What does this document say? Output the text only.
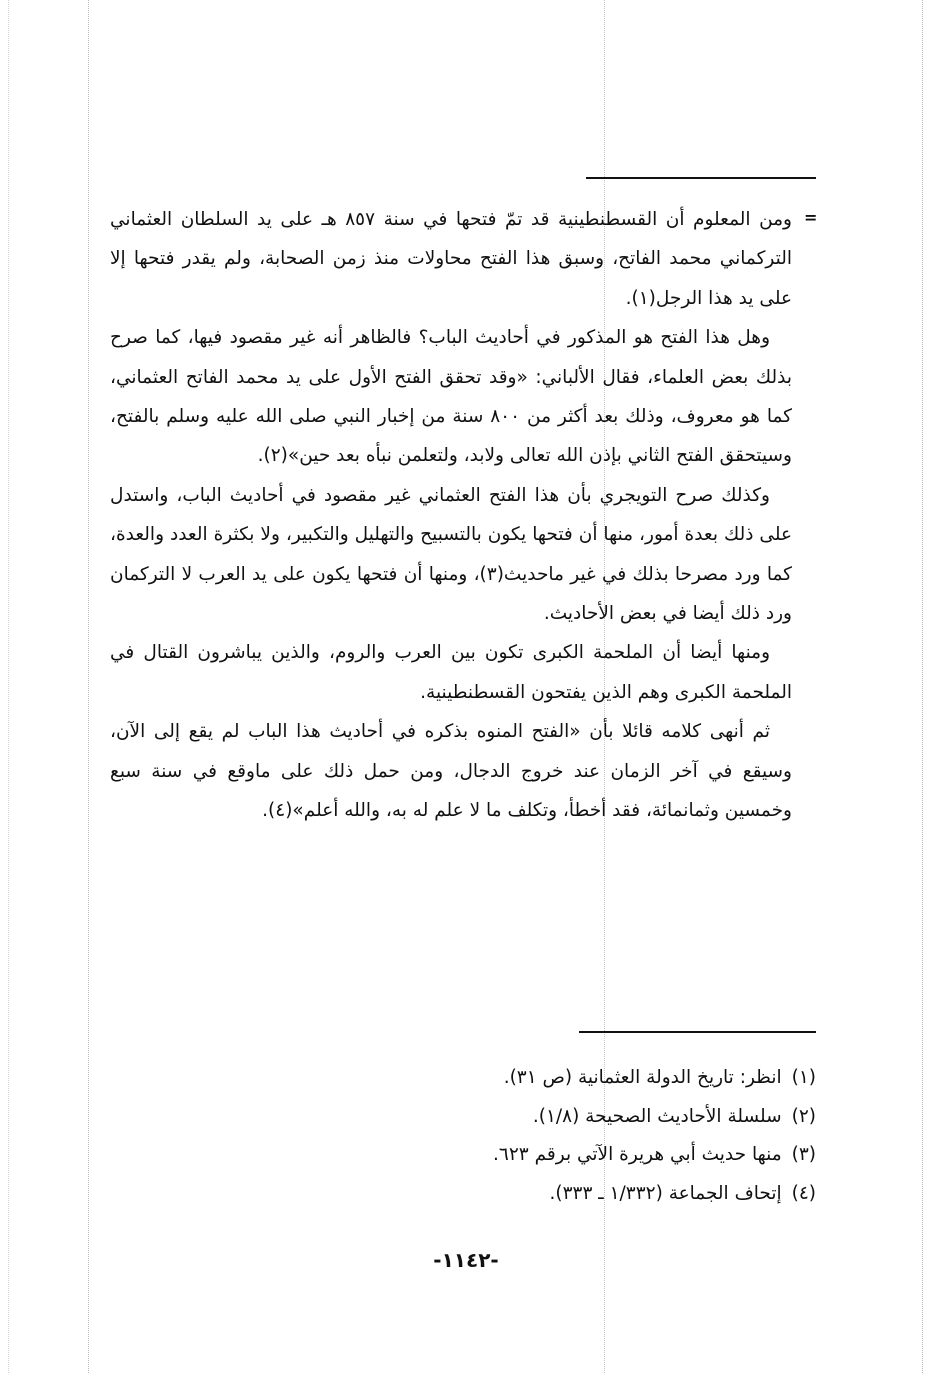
=

ومن المعلوم أن القسطنطينية قد تمّ فتحها في سنة ٨٥٧ هـ على يد السلطان العثماني التركماني محمد الفاتح، وسبق هذا الفتح محاولات منذ زمن الصحابة، ولم يقدر فتحها إلا على يد هذا الرجل(١).

وهل هذا الفتح هو المذكور في أحاديث الباب؟ فالظاهر أنه غير مقصود فيها، كما صرح بذلك بعض العلماء، فقال الألباني: «وقد تحقق الفتح الأول على يد محمد الفاتح العثماني، كما هو معروف، وذلك بعد أكثر من ٨٠٠ سنة من إخبار النبي صلى الله عليه وسلم بالفتح، وسيتحقق الفتح الثاني بإذن الله تعالى ولابد، ولتعلمن نبأه بعد حين»(٢).

وكذلك صرح التويجري بأن هذا الفتح العثماني غير مقصود في أحاديث الباب، واستدل على ذلك بعدة أمور، منها أن فتحها يكون بالتسبيح والتهليل والتكبير، ولا بكثرة العدد والعدة، كما ورد مصرحا بذلك في غير ماحديث(٣)، ومنها أن فتحها يكون على يد العرب لا التركمان ورد ذلك أيضا في بعض الأحاديث.

ومنها أيضا أن الملحمة الكبرى تكون بين العرب والروم، والذين يباشرون القتال في الملحمة الكبرى وهم الذين يفتحون القسطنطينية.

ثم أنهى كلامه قائلا بأن «الفتح المنوه بذكره في أحاديث هذا الباب لم يقع إلى الآن، وسيقع في آخر الزمان عند خروج الدجال، ومن حمل ذلك على ماوقع في سنة سبع وخمسين وثمانمائة، فقد أخطأ، وتكلف ما لا علم له به، والله أعلم»(٤).

(١)انظر: تاريخ الدولة العثمانية (ص ٣١).
(٢)سلسلة الأحاديث الصحيحة (١/٨).
(٣)منها حديث أبي هريرة الآتي برقم ٦٢٣.
(٤)إتحاف الجماعة (١/٣٣٢ ـ ٣٣٣).
-١١٤٢-
